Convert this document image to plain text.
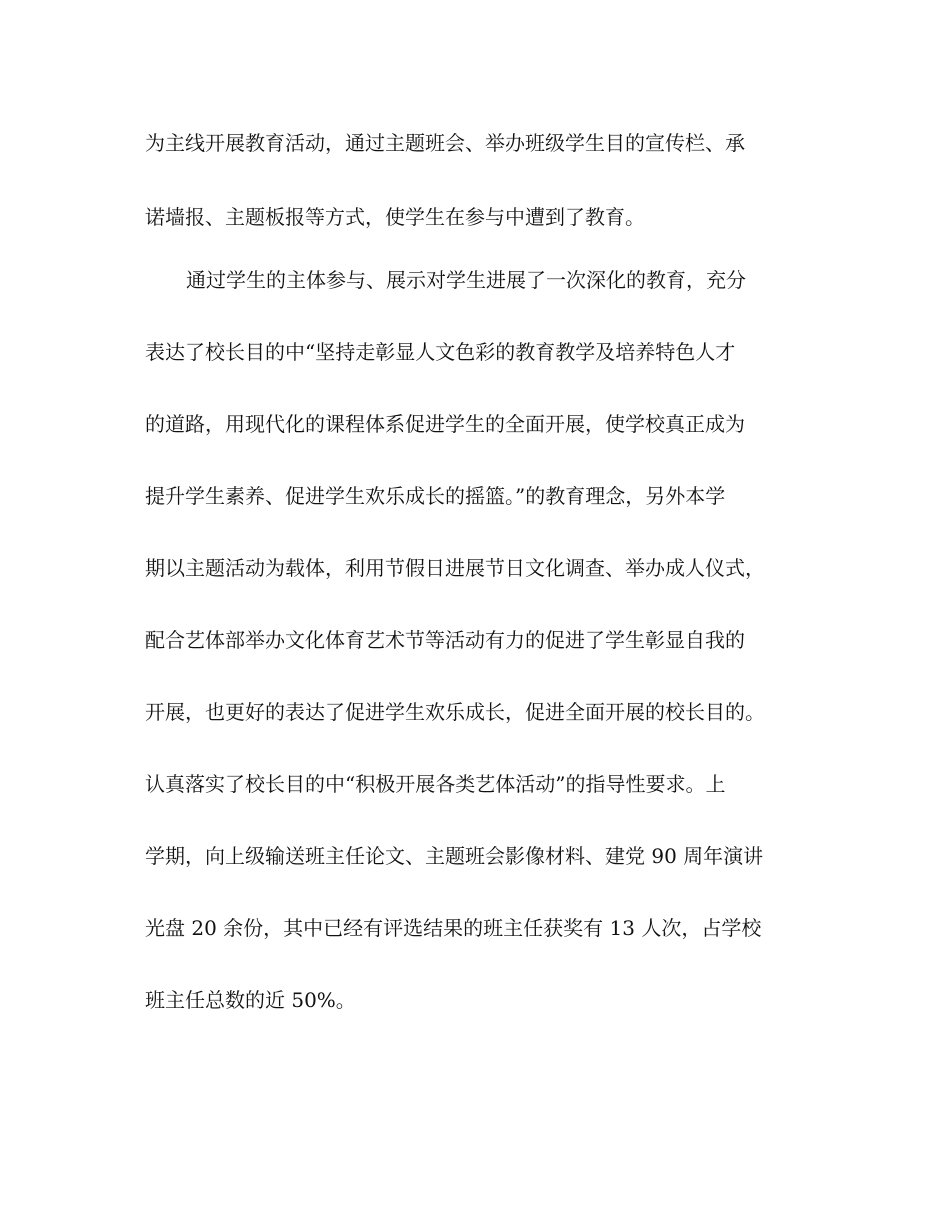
为主线开展教育活动，通过主题班会、举办班级学生目的宣传栏、承
诺墙报、主题板报等方式，使学生在参与中遭到了教育。
通过学生的主体参与、展示对学生进展了一次深化的教育，充分
表达了校长目的中“坚持走彰显人文色彩的教育教学及培养特色人才
的道路，用现代化的课程体系促进学生的全面开展，使学校真正成为
提升学生素养、促进学生欢乐成长的摇篮。”的教育理念，另外本学
期以主题活动为载体，利用节假日进展节日文化调查、举办成人仪式，
配合艺体部举办文化体育艺术节等活动有力的促进了学生彰显自我的
开展，也更好的表达了促进学生欢乐成长，促进全面开展的校长目的。
认真落实了校长目的中“积极开展各类艺体活动”的指导性要求。上
学期，向上级输送班主任论文、主题班会影像材料、建党 90 周年演讲
光盘 20 余份，其中已经有评选结果的班主任获奖有 13 人次，占学校
班主任总数的近 50%。
